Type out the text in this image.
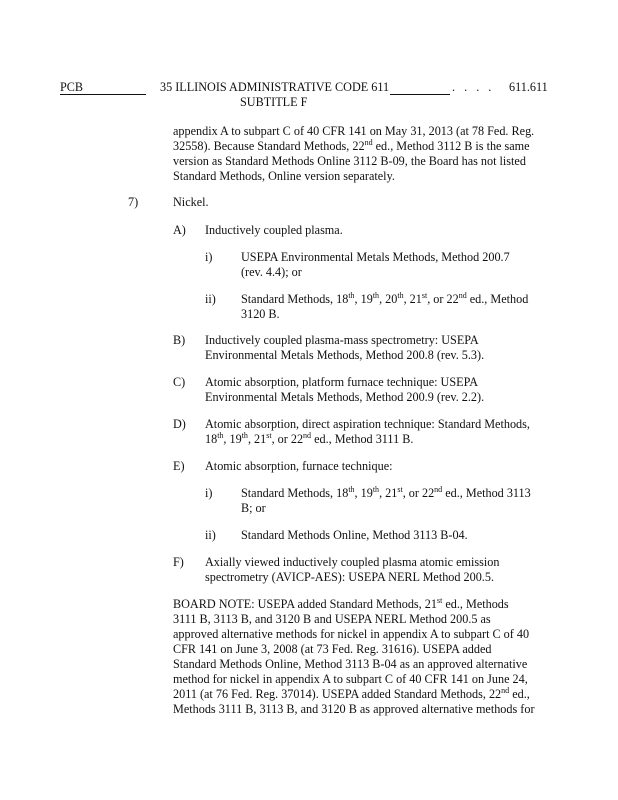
PCB	35 ILLINOIS ADMINISTRATIVE CODE 611	. . . . 611.611
SUBTITLE F
appendix A to subpart C of 40 CFR 141 on May 31, 2013 (at 78 Fed. Reg.
32558). Because Standard Methods, 22nd ed., Method 3112 B is the same
version as Standard Methods Online 3112 B-09, the Board has not listed
Standard Methods, Online version separately.
7)	Nickel.
A) Inductively coupled plasma.
i) USEPA Environmental Metals Methods, Method 200.7
(rev. 4.4); or
ii) Standard Methods, 18th, 19th, 20th, 21st, or 22nd ed., Method
3120 B.
B) Inductively coupled plasma-mass spectrometry: USEPA
Environmental Metals Methods, Method 200.8 (rev. 5.3).
C) Atomic absorption, platform furnace technique: USEPA
Environmental Metals Methods, Method 200.9 (rev. 2.2).
D) Atomic absorption, direct aspiration technique: Standard Methods,
18th, 19th, 21st, or 22nd ed., Method 3111 B.
E) Atomic absorption, furnace technique:
i) Standard Methods, 18th, 19th, 21st, or 22nd ed., Method 3113
B; or
ii) Standard Methods Online, Method 3113 B-04.
F) Axially viewed inductively coupled plasma atomic emission
spectrometry (AVICP-AES): USEPA NERL Method 200.5.
BOARD NOTE: USEPA added Standard Methods, 21st ed., Methods
3111 B, 3113 B, and 3120 B and USEPA NERL Method 200.5 as
approved alternative methods for nickel in appendix A to subpart C of 40
CFR 141 on June 3, 2008 (at 73 Fed. Reg. 31616). USEPA added
Standard Methods Online, Method 3113 B-04 as an approved alternative
method for nickel in appendix A to subpart C of 40 CFR 141 on June 24,
2011 (at 76 Fed. Reg. 37014). USEPA added Standard Methods, 22nd ed.,
Methods 3111 B, 3113 B, and 3120 B as approved alternative methods for
